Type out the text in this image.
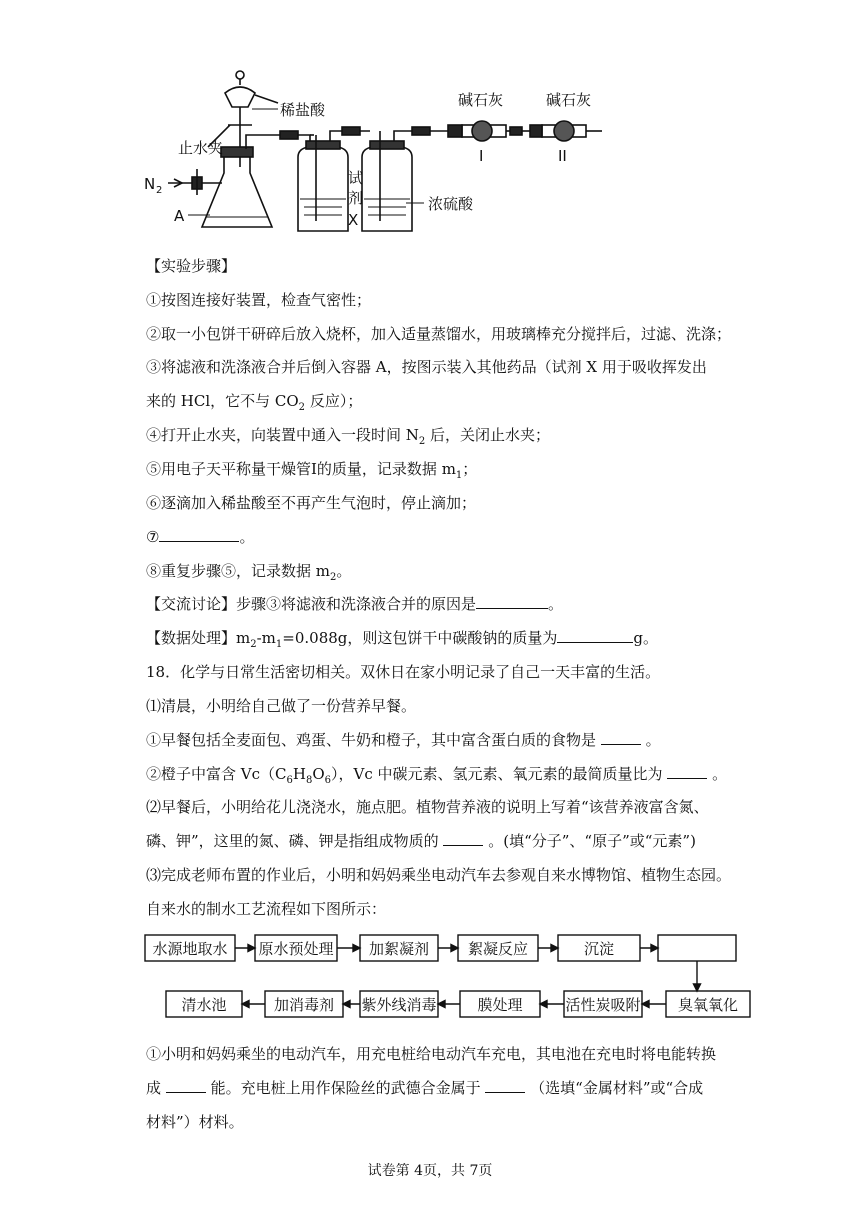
稀盐酸
止水夹
N 2
A
试
剂
X
浓硫酸
碱石灰	碱石灰
I	II
【实验步骤】
①按图连接好装置，检查气密性；
②取一小包饼干研碎后放入烧杯，加入适量蒸馏水，用玻璃棒充分搅拌后，过滤、洗涤；
③将滤液和洗涤液合并后倒入容器 A，按图示装入其他药品（试剂 X 用于吸收挥发出
来的 HCl，它不与 $CO_2$ 反应）；
④打开止水夹，向装置中通入一段时间 $N_2$ 后，关闭止水夹；
⑤用电子天平称量干燥管I的质量，记录数据 $m_1$；
⑥逐滴加入稀盐酸至不再产生气泡时，停止滴加；
⑦	。
⑧重复步骤⑤，记录数据 $m_2$。
【交流讨论】步骤③将滤液和洗涤液合并的原因是	。
【数据处理】$m_2-m_1=0.088g$，则这包饼干中碳酸钠的质量为	g。
18．化学与日常生活密切相关。双休日在家小明记录了自己一天丰富的生活。
⑴清晨，小明给自己做了一份营养早餐。
①早餐包括全麦面包、鸡蛋、牛奶和橙子，其中富含蛋白质的食物是	。
②橙子中富含 $Vc(C_6H_8O_6)$，Vc 中碳元素、氢元素、氧元素的最简质量比为	。
⑵早餐后，小明给花儿浇浇水，施点肥。植物营养液的说明上写着“该营养液富含氮、
磷、钾”，这里的氮、磷、钾是指组成物质的	。(填“分子”、“原子”或“元素”)
⑶完成老师布置的作业后，小明和妈妈乘坐电动汽车去参观自来水博物馆、植物生态园。
自来水的制水工艺流程如下图所示：
水源地取水 原水预处理 加絮凝剂	絮凝反应	沉淀
清水池	加消毒剂 紫外线消毒	膜处理	活性炭吸附 臭氧氧化
①小明和妈妈乘坐的电动汽车，用充电桩给电动汽车充电，其电池在充电时将电能转换
成	能。充电桩上用作保险丝的武德合金属于	（选填“金属材料”或“合成
材料”）材料。
试卷第 4页，共 7页
